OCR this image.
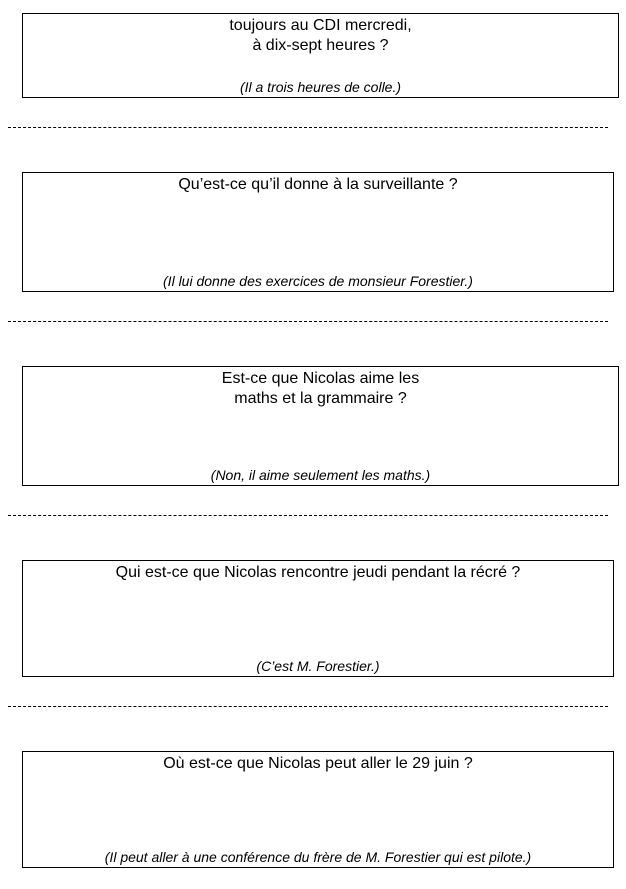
toujours au CDI mercredi,
à dix-sept heures ?
(Il a trois heures de colle.)
Qu’est-ce qu’il donne à la surveillante ?
(Il lui donne des exercices de monsieur Forestier.)
Est-ce que Nicolas aime les
maths et la grammaire ?
(Non, il aime seulement les maths.)
Qui est-ce que Nicolas rencontre jeudi pendant la récré ?
(C’est M. Forestier.)
Où est-ce que Nicolas peut aller le 29 juin ?
(Il peut aller à une conférence du frère de M. Forestier qui est pilote.)
